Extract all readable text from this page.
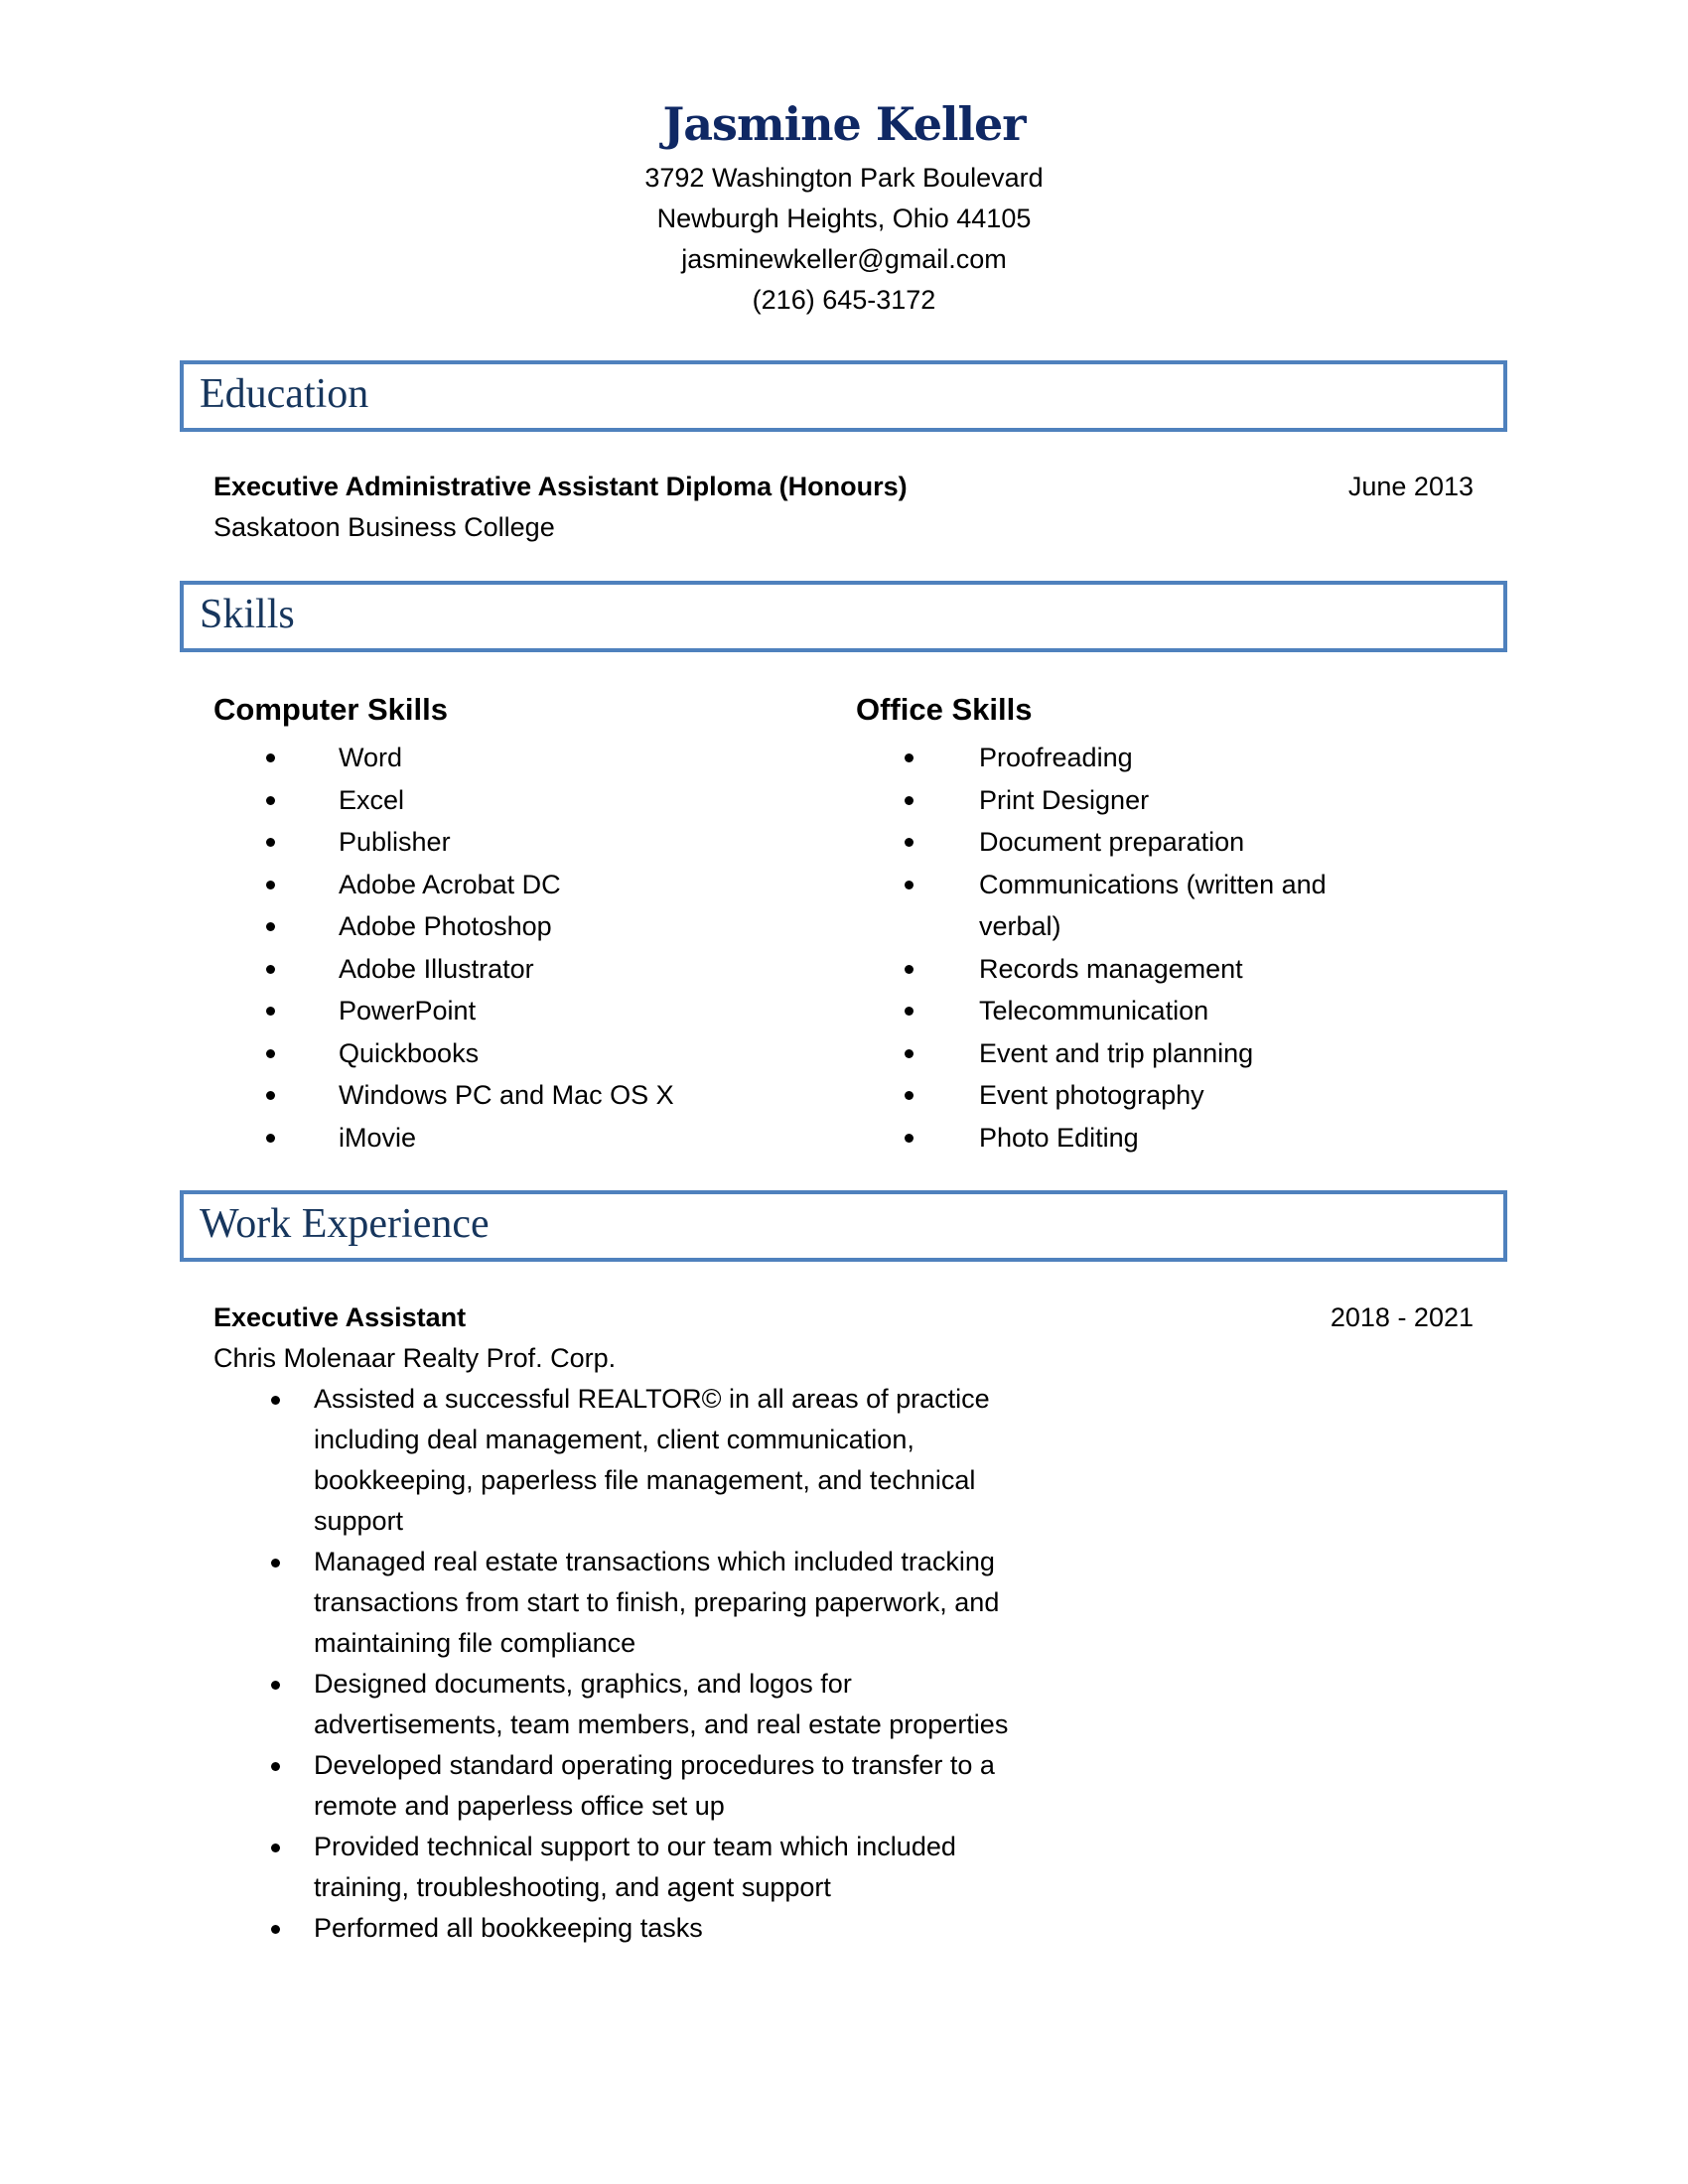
Jasmine Keller
3792 Washington Park Boulevard
Newburgh Heights, Ohio 44105
jasminewkeller@gmail.com
(216) 645-3172
Education
Executive Administrative Assistant Diploma (Honours)	June 2013
Saskatoon Business College
Skills
Computer Skills
Word
Excel
Publisher
Adobe Acrobat DC
Adobe Photoshop
Adobe Illustrator
PowerPoint
Quickbooks
Windows PC and Mac OS X
iMovie
Office Skills
Proofreading
Print Designer
Document preparation
Communications (written and
verbal)
Records management
Telecommunication
Event and trip planning
Event photography
Photo Editing
Work Experience
Executive Assistant	2018 - 2021
Chris Molenaar Realty Prof. Corp.
Assisted a successful REALTOR© in all areas of practice
including deal management, client communication,
bookkeeping, paperless file management, and technical
support
Managed real estate transactions which included tracking
transactions from start to finish, preparing paperwork, and
maintaining file compliance
Designed documents, graphics, and logos for
advertisements, team members, and real estate properties
Developed standard operating procedures to transfer to a
remote and paperless office set up
Provided technical support to our team which included
training, troubleshooting, and agent support
Performed all bookkeeping tasks
